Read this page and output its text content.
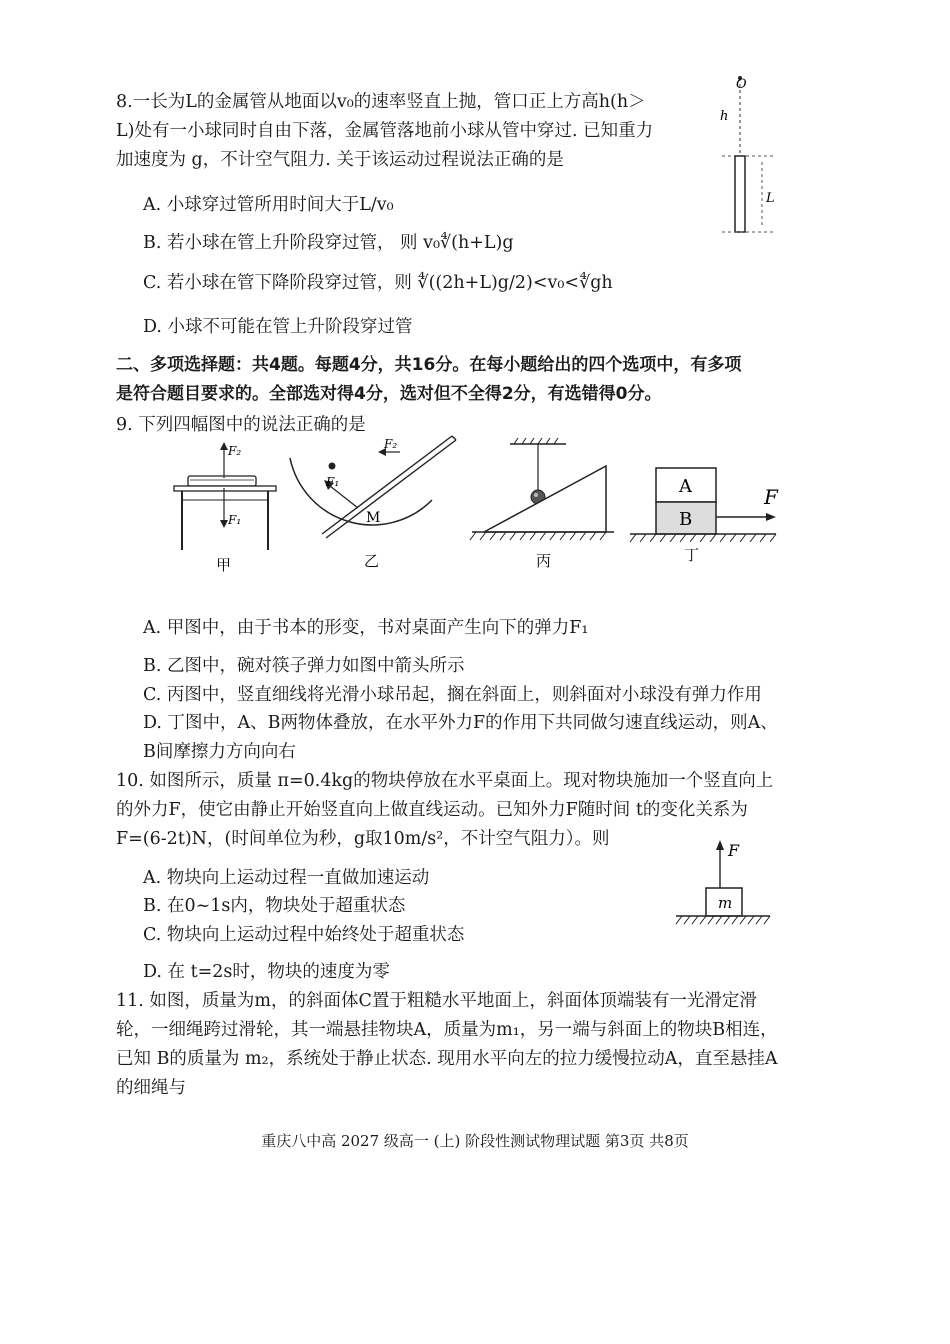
8.一长为L的金属管从地面以v₀的速率竖直上抛，管口正上方高h(h＞
L)处有一小球同时自由下落，金属管落地前小球从管中穿过. 已知重力
加速度为 g，不计空气阻力. 关于该运动过程说法正确的是
A. 小球穿过管所用时间大于L/v₀
B. 若小球在管上升阶段穿过管， 则 v₀∜(h+L)g
C. 若小球在管下降阶段穿过管，则 ∜((2h+L)g/2)<v₀<∜gh
D. 小球不可能在管上升阶段穿过管
O
h
L
二、多项选择题：共4题。每题4分，共16分。在每小题给出的四个选项中，有多项
是符合题目要求的。全部选对得4分，选对但不全得2分，有选错得0分。
9. 下列四幅图中的说法正确的是
F₂
F₁
甲
F₁
F₂
M
乙	丙
A
B
F
丁
A. 甲图中，由于书本的形变，书对桌面产生向下的弹力F₁
B. 乙图中，碗对筷子弹力如图中箭头所示
C. 丙图中，竖直细线将光滑小球吊起，搁在斜面上，则斜面对小球没有弹力作用
D. 丁图中，A、B两物体叠放，在水平外力F的作用下共同做匀速直线运动，则A、
B间摩擦力方向向右
10. 如图所示，质量 π=0.4kg的物块停放在水平桌面上。现对物块施加一个竖直向上
的外力F，使它由静止开始竖直向上做直线运动。已知外力F随时间 t的变化关系为
F=(6-2t)N，(时间单位为秒，g取10m/s²，不计空气阻力）。则
A. 物块向上运动过程一直做加速运动
B. 在0~1s内，物块处于超重状态
C. 物块向上运动过程中始终处于超重状态
D. 在 t=2s时，物块的速度为零
F
m
11. 如图，质量为m，的斜面体C置于粗糙水平地面上，斜面体顶端装有一光滑定滑
轮，一细绳跨过滑轮，其一端悬挂物块A，质量为m₁，另一端与斜面上的物块B相连，
已知 B的质量为 m₂，系统处于静止状态. 现用水平向左的拉力缓慢拉动A，直至悬挂A
的细绳与
重庆八中高 2027 级高一 (上) 阶段性测试物理试题 第3页 共8页
